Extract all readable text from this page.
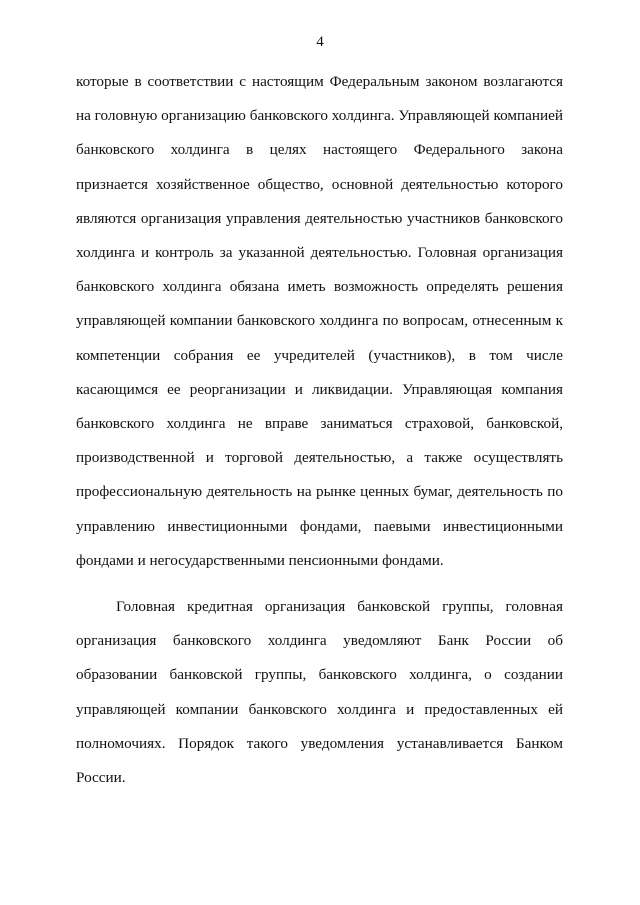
4

которые в соответствии с настоящим Федеральным законом возлагаются на головную организацию банковского холдинга. Управляющей компанией банковского холдинга в целях настоящего Федерального закона признается хозяйственное общество, основной деятельностью которого являются организация управления деятельностью участников банковского холдинга и контроль за указанной деятельностью. Головная организация банковского холдинга обязана иметь возможность определять решения управляющей компании банковского холдинга по вопросам, отнесенным к компетенции собрания ее учредителей (участников), в том числе касающимся ее реорганизации и ликвидации. Управляющая компания банковского холдинга не вправе заниматься страховой, банковской, производственной и торговой деятельностью, а также осуществлять профессиональную деятельность на рынке ценных бумаг, деятельность по управлению инвестиционными фондами, паевыми инвестиционными фондами и негосударственными пенсионными фондами.

Головная кредитная организация банковской группы, головная организация банковского холдинга уведомляют Банк России об образовании банковской группы, банковского холдинга, о создании управляющей компании банковского холдинга и предоставленных ей полномочиях. Порядок такого уведомления устанавливается Банком России.
